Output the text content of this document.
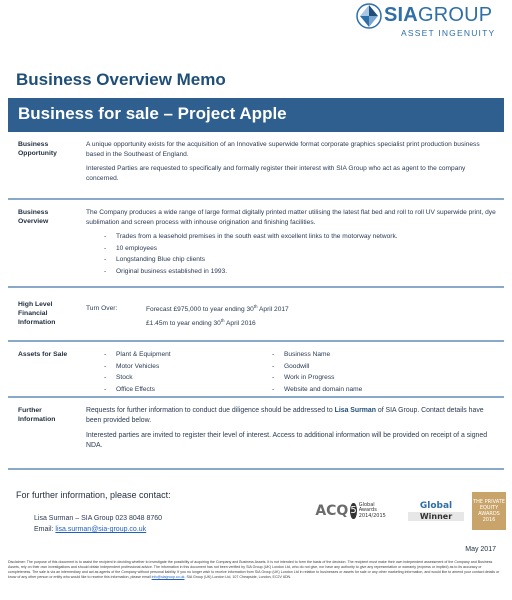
SIAGROUP
ASSET INGENUITY
Business Overview Memo
Business for sale – Project Apple
Business Opportunity

A unique opportunity exists for the acquisition of an Innovative superwide format corporate graphics specialist print production business based in the Southeast of England.

Interested Parties are requested to specifically and formally register their interest with SIA Group who act as agent to the company concerned.

Business Overview

The Company produces a wide range of large format digitally printed matter utilising the latest flat bed and roll to roll UV superwide print, dye sublimation and screen process with inhouse origination and finishing facilities.

- Trades from a leasehold premises in the south east with excellent links to the motorway network.
- 10 employees
- Longstanding Blue chip clients
- Original business established in 1993.
High Level Financial Information
Turn Over:	Forecast £975,000 to year ending 30th April 2017
£1.45m to year ending 30th April 2016
Assets for Sale
-	Plant & Equipment
- Motor Vehicles
- Stock
- Office Effects
- Business Name
- Goodwill
- Work in Progress
- Website and domain name
Further Information

Requests for further information to conduct due diligence should be addressed to Lisa Surman of SIA Group. Contact details have been provided below.

Interested parties are invited to register their level of interest. Access to additional information will be provided on receipt of a signed NDA.

For further information, please contact:
Lisa Surman – SIA Group 023 8048 8760
Email: lisa.surman@sia-group.co.uk
ACQ 5
Global Awards 2014/2015
Global
Winner
THE PRIVATE EQUITY AWARDS 2016
May 2017
Disclaimer: The purpose of this document is to assist the recipient in deciding whether to investigate the possibility of acquiring the Company and Business Assets. It is not intended to form the basis of the decision. The recipient must make their own independent assessment of the Company and Business Assets, rely on their own investigations and should obtain independent professional advice. The information in this document has not been verified by SIA Group (UK) London Ltd, who do not give, nor have any authority to give any representation or warranty (express or implied) as to its accuracy or completeness. The sale is via an intermediary and act as agents of the Company without personal liability. If you no longer wish to receive information from SIA Group (UK) London Ltd in relation to businesses or assets for sale or any other marketing information, and would like to amend your contact details or know of any other person or entity who would like to receive this information, please email info@siagroup.co.uk. SIA Group (UK) London Ltd, 107 Cheapside, London, EC2V 6DN.
